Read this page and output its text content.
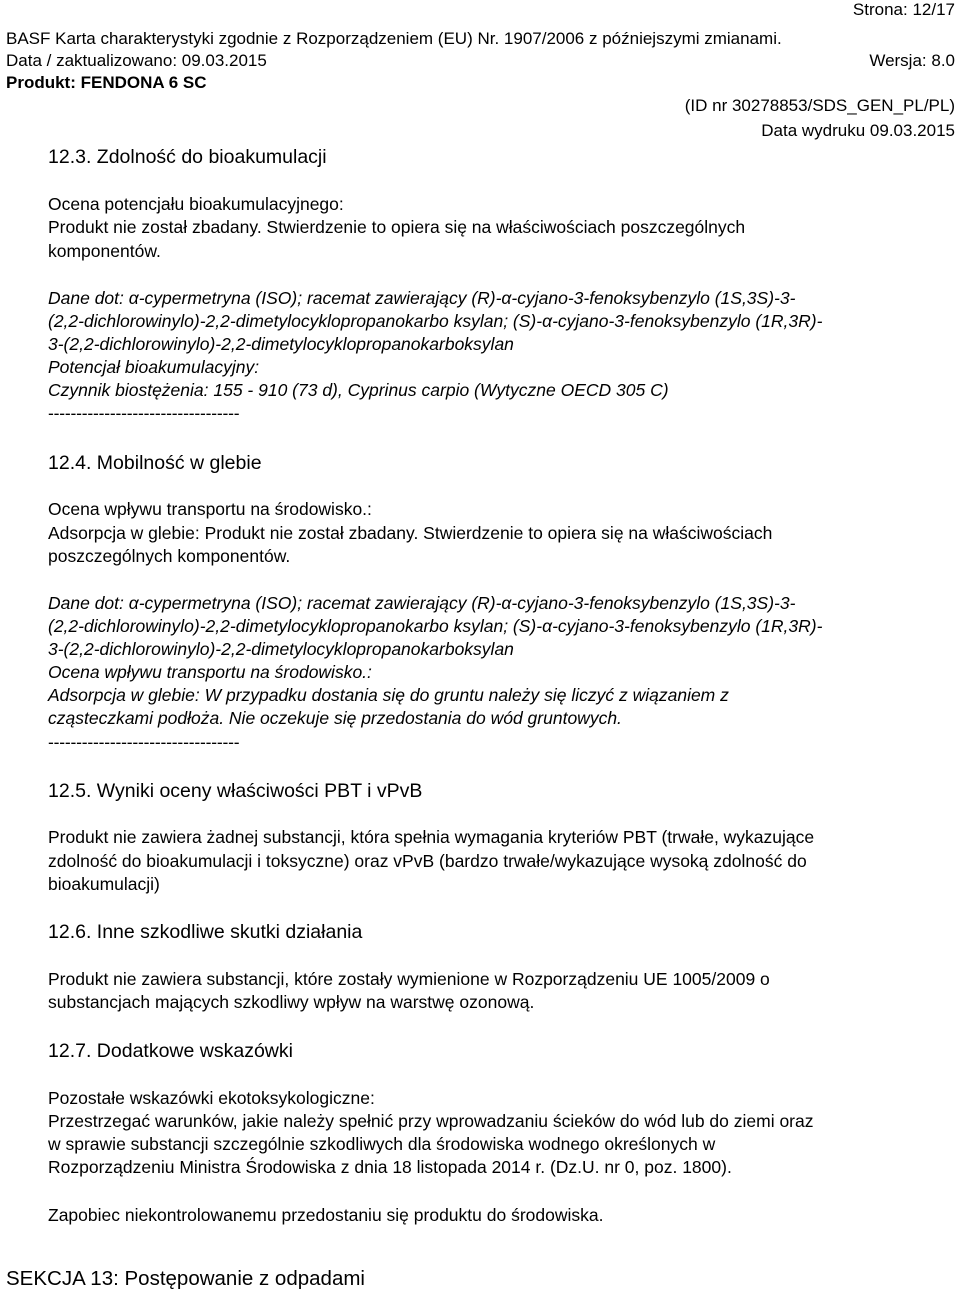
Strona: 12/17
BASF Karta charakterystyki zgodnie z Rozporządzeniem (EU) Nr. 1907/2006 z późniejszymi zmianami.
Data / zaktualizowano: 09.03.2015	Wersja: 8.0
Produkt: FENDONA 6 SC
(ID nr 30278853/SDS_GEN_PL/PL)
Data wydruku 09.03.2015
12.3. Zdolność do bioakumulacji
Ocena potencjału bioakumulacyjnego:
Produkt nie został zbadany. Stwierdzenie to opiera się na właściwościach poszczególnych
komponentów.
Dane dot: α-cypermetryna (ISO); racemat zawierający (R)-α-cyjano-3-fenoksybenzylo (1S,3S)-3-
(2,2-dichlorowinylo)-2,2-dimetylocyklopropanokarbo ksylan; (S)-α-cyjano-3-fenoksybenzylo (1R,3R)-
3-(2,2-dichlorowinylo)-2,2-dimetylocyklopropanokarboksylan
Potencjał bioakumulacyjny:
Czynnik biostężenia: 155 - 910 (73 d), Cyprinus carpio (Wytyczne OECD 305 C)
----------------------------------
12.4. Mobilność w glebie
Ocena wpływu transportu na środowisko.:
Adsorpcja w glebie: Produkt nie został zbadany. Stwierdzenie to opiera się na właściwościach
poszczególnych komponentów.
Dane dot: α-cypermetryna (ISO); racemat zawierający (R)-α-cyjano-3-fenoksybenzylo (1S,3S)-3-
(2,2-dichlorowinylo)-2,2-dimetylocyklopropanokarbo ksylan; (S)-α-cyjano-3-fenoksybenzylo (1R,3R)-
3-(2,2-dichlorowinylo)-2,2-dimetylocyklopropanokarboksylan
Ocena wpływu transportu na środowisko.:
Adsorpcja w glebie: W przypadku dostania się do gruntu należy się liczyć z wiązaniem z
cząsteczkami podłoża. Nie oczekuje się przedostania do wód gruntowych.
----------------------------------
12.5. Wyniki oceny właściwości PBT i vPvB
Produkt nie zawiera żadnej substancji, która spełnia wymagania kryteriów PBT (trwałe, wykazujące
zdolność do bioakumulacji i toksyczne) oraz vPvB (bardzo trwałe/wykazujące wysoką zdolność do
bioakumulacji)
12.6. Inne szkodliwe skutki działania
Produkt nie zawiera substancji, które zostały wymienione w Rozporządzeniu UE 1005/2009 o
substancjach mających szkodliwy wpływ na warstwę ozonową.
12.7. Dodatkowe wskazówki
Pozostałe wskazówki ekotoksykologiczne:
Przestrzegać warunków, jakie należy spełnić przy wprowadzaniu ścieków do wód lub do ziemi oraz
w sprawie substancji szczególnie szkodliwych dla środowiska wodnego określonych w
Rozporządzeniu Ministra Środowiska z dnia 18 listopada 2014 r. (Dz.U. nr 0, poz. 1800).
Zapobiec niekontrolowanemu przedostaniu się produktu do środowiska.
SEKCJA 13: Postępowanie z odpadami
